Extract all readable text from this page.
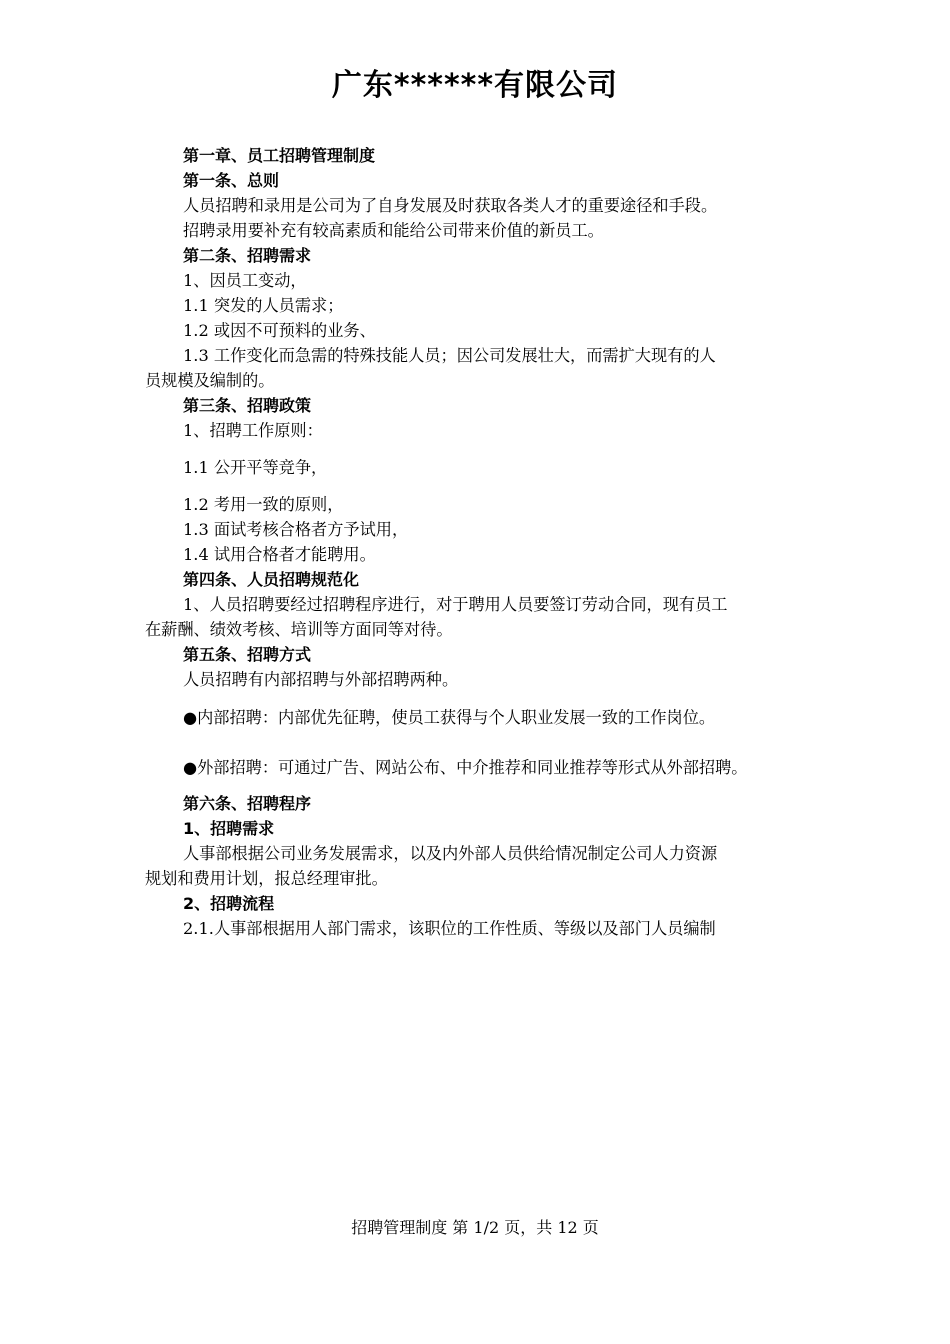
广东******有限公司
第一章、员工招聘管理制度
第一条、总则
人员招聘和录用是公司为了自身发展及时获取各类人才的重要途径和手段。
招聘录用要补充有较高素质和能给公司带来价值的新员工。
第二条、招聘需求
1、因员工变动，
1.1 突发的人员需求；
1.2 或因不可预料的业务、
1.3 工作变化而急需的特殊技能人员；因公司发展壮大，而需扩大现有的人
员规模及编制的。
第三条、招聘政策
1、招聘工作原则：
1.1 公开平等竞争，
1.2 考用一致的原则，
1.3 面试考核合格者方予试用，
1.4 试用合格者才能聘用。
第四条、人员招聘规范化
1、人员招聘要经过招聘程序进行，对于聘用人员要签订劳动合同，现有员工
在薪酬、绩效考核、培训等方面同等对待。
第五条、招聘方式
人员招聘有内部招聘与外部招聘两种。
●内部招聘：内部优先征聘，使员工获得与个人职业发展一致的工作岗位。
●外部招聘：可通过广告、网站公布、中介推荐和同业推荐等形式从外部招聘。
第六条、招聘程序
1、招聘需求
人事部根据公司业务发展需求，以及内外部人员供给情况制定公司人力资源
规划和费用计划，报总经理审批。
2、招聘流程
2.1.人事部根据用人部门需求，该职位的工作性质、等级以及部门人员编制
招聘管理制度 第 1/2 页，共 12 页
